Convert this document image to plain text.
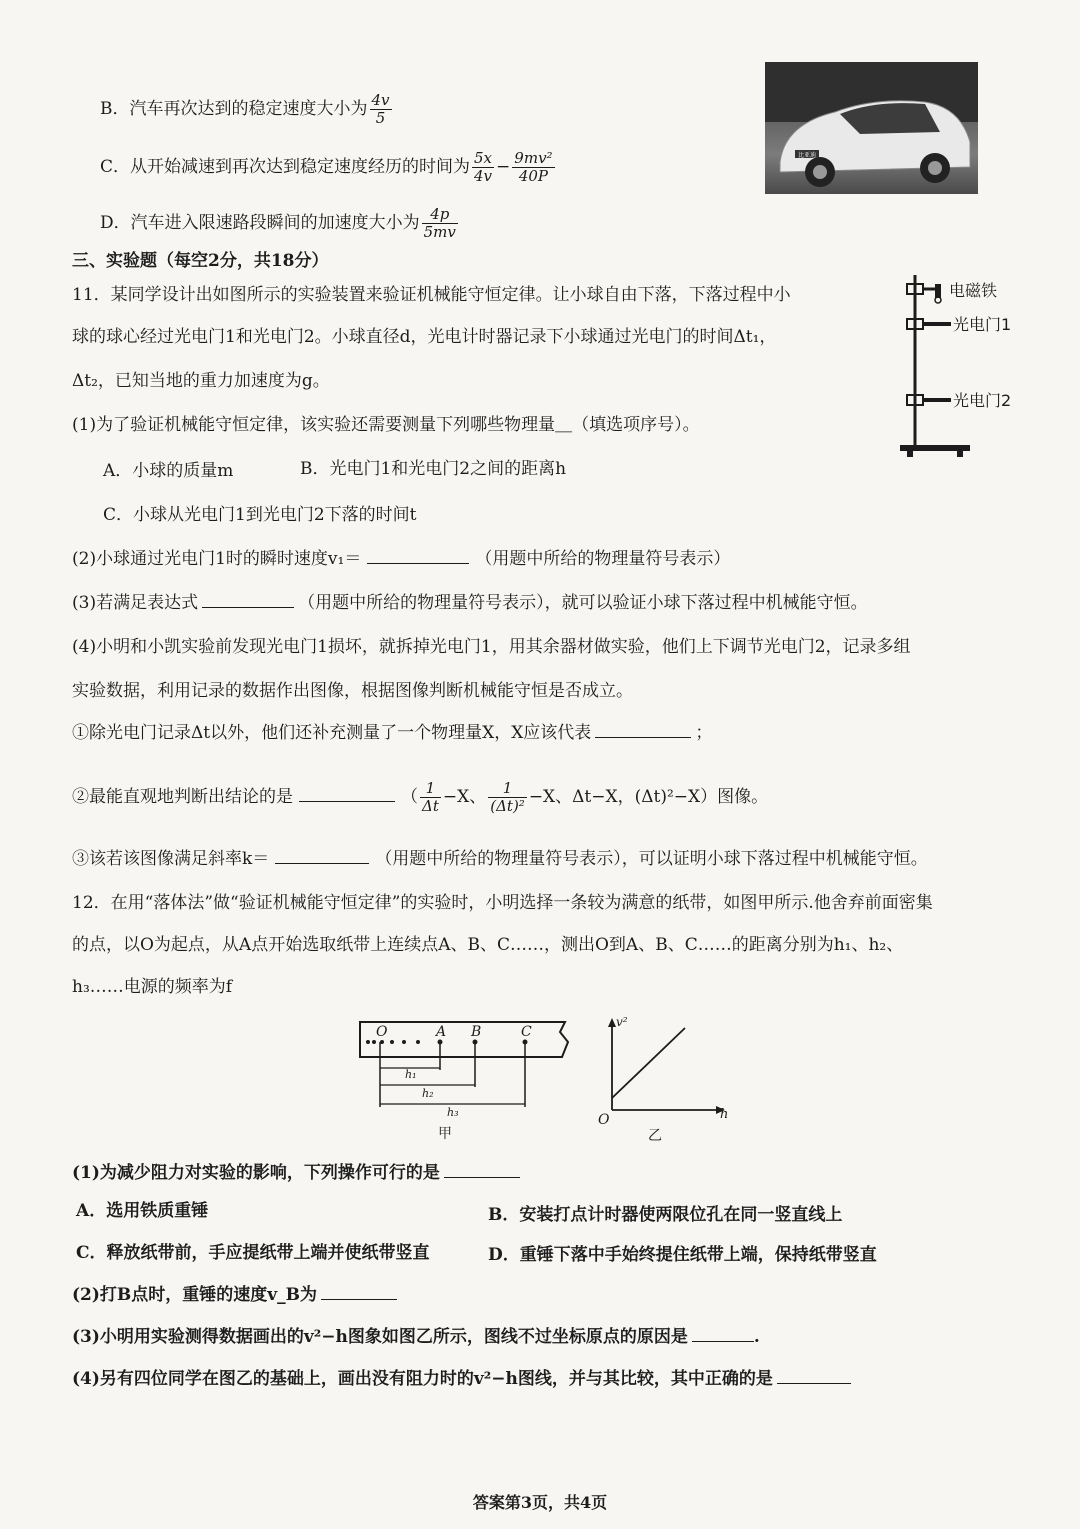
B．汽车再次达到的稳定速度大小为 $\frac{4v}{5}$
C．从开始减速到再次达到稳定速度经历的时间为 $\frac{5x}{4v} - \frac{\text{9mv²}}{40P}$
D．汽车进入限速路段瞬间的加速度大小为 $\frac{4p}{5mv}$
比亚迪
三、实验题（每空2分，共18分）
11．某同学设计出如图所示的实验装置来验证机械能守恒定律。让小球自由下落，下落过程中小
球的球心经过光电门1和光电门2。小球直径d，光电计时器记录下小球通过光电门的时间Δt₁，
Δt₂，已知当地的重力加速度为g。
(1)为了验证机械能守恒定律，该实验还需要测量下列哪些物理量＿（填选项序号）。
A．小球的质量m	B．光电门1和光电门2之间的距离h
C．小球从光电门1到光电门2下落的时间t
(2)小球通过光电门1时的瞬时速度v₁＝	（用题中所给的物理量符号表示）
(3)若满足表达式	（用题中所给的物理量符号表示），就可以验证小球下落过程中机械能守恒。
(4)小明和小凯实验前发现光电门1损坏，就拆掉光电门1，用其余器材做实验，他们上下调节光电门2，记录多组
实验数据，利用记录的数据作出图像，根据图像判断机械能守恒是否成立。
①除光电门记录Δt以外，他们还补充测量了一个物理量X，X应该代表	；
②最能直观地判断出结论的是	（ $\frac{1}{\Delta t} -X$、 $\frac{1}{\text{(Δt)²}} -X$、Δt−X，(Δt)²−X）图像。
③该若该图像满足斜率k＝	（用题中所给的物理量符号表示），可以证明小球下落过程中机械能守恒。
电磁铁
光电门1
光电门2
12．在用“落体法”做“验证机械能守恒定律”的实验时，小明选择一条较为满意的纸带，如图甲所示.他舍弃前面密集
的点，以O为起点，从A点开始选取纸带上连续点A、B、C……，测出O到A、B、C……的距离分别为h₁、h₂、
h₃……电源的频率为f
O	A B	C
h₁
h₂
h₃
甲
v²
h
O
乙
(1)为减少阻力对实验的影响，下列操作可行的是
A．选用铁质重锤	B．安装打点计时器使两限位孔在同一竖直线上
C．释放纸带前，手应提纸带上端并使纸带竖直	D．重锤下落中手始终提住纸带上端，保持纸带竖直
(2)打B点时，重锤的速度v_B为
(3)小明用实验测得数据画出的v²−h图象如图乙所示，图线不过坐标原点的原因是	.
(4)另有四位同学在图乙的基础上，画出没有阻力时的v²−h图线，并与其比较，其中正确的是
答案第3页，共4页
